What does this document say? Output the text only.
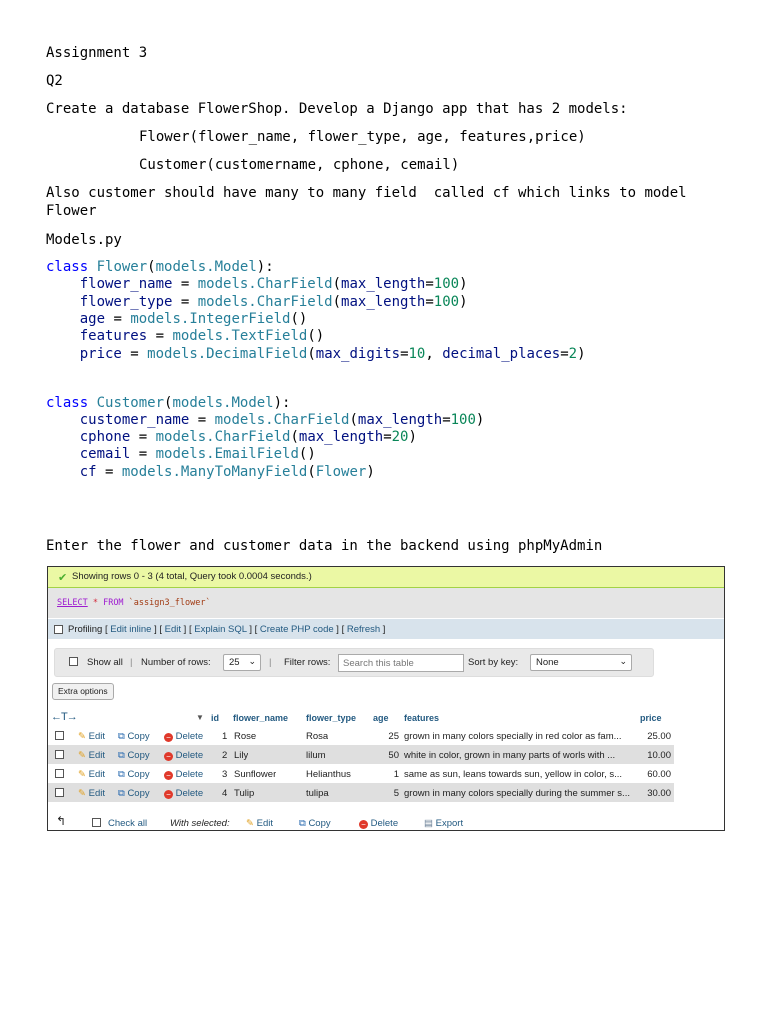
Assignment 3
Q2
Create a database FlowerShop. Develop a Django app that has 2 models:
Flower(flower_name, flower_type, age, features,price)
Customer(customername, cphone, cemail)
Also customer should have many to many field  called cf which links to model
Flower
Models.py
class Flower(models.Model):
flower_name = models.CharField(max_length=100)
flower_type = models.CharField(max_length=100)
age = models.IntegerField()
features = models.TextField()
price = models.DecimalField(max_digits=10, decimal_places=2)
class Customer(models.Model):
customer_name = models.CharField(max_length=100)
cphone = models.CharField(max_length=20)
cemail = models.EmailField()
cf = models.ManyToManyField(Flower)
Enter the flower and customer data in the backend using phpMyAdmin
✔ Showing rows 0 - 3 (4 total, Query took 0.0004 seconds.)
SELECT * FROM `assign3_flower`
Profiling [ Edit inline ] [ Edit ] [ Explain SQL ] [ Create PHP code ] [ Refresh ]
Show all | Number of rows: 25 ⌄ | Filter rows: Search this table	Sort by key: None	⌄
Extra options
←T→	▼ id flower_name flower_type age features	price
✎ Edit ⧉ Copy − Delete 1 Rose	Rosa	25 grown in many colors specially in red color as fam...	25.00
✎ Edit ⧉ Copy − Delete 2 Lily	lilum	50 white in color, grown in many parts of worls with ...	10.00
✎ Edit ⧉ Copy − Delete 3 Sunflower	Helianthus	1 same as sun, leans towards sun, yellow in color, s...	60.00
✎ Edit ⧉ Copy − Delete 4 Tulip	tulipa	5 grown in many colors specially during the summer s...	30.00
↰	Check all With selected: ✎ Edit	⧉ Copy	− Delete	▤ Export
